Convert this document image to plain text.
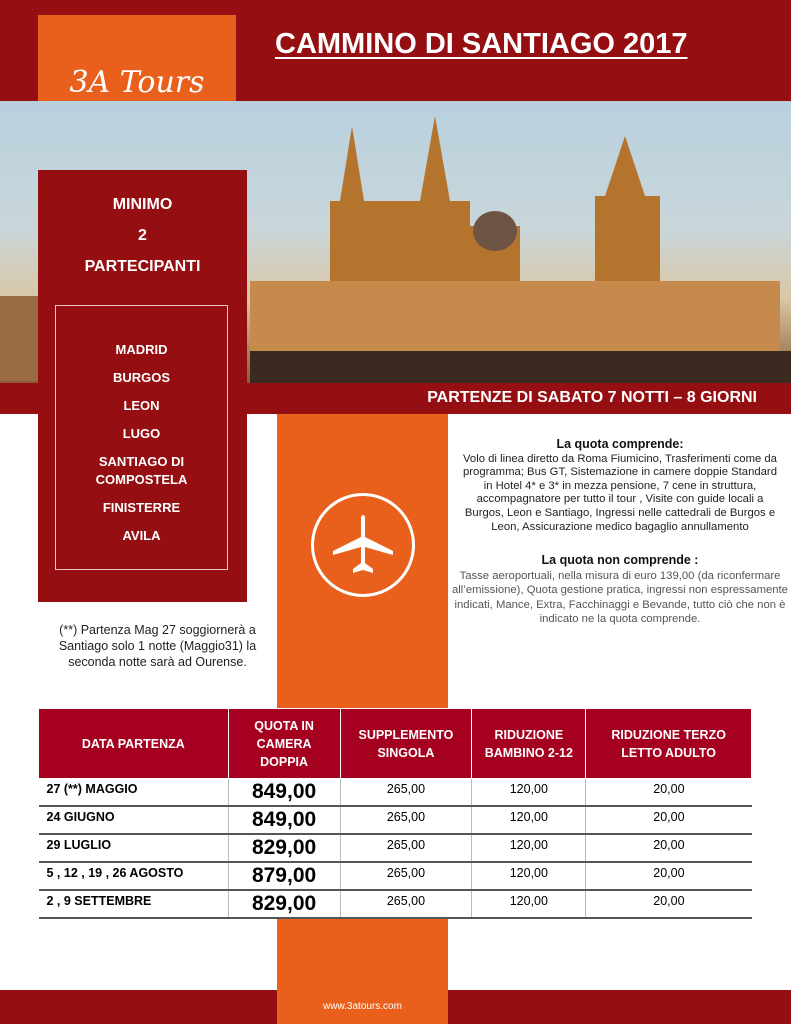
3A Tours
CAMMINO DI SANTIAGO 2017
PARTENZE DI SABATO 7 NOTTI – 8 GIORNI
MINIMO
2
PARTECIPANTI
MADRID
BURGOS
LEON
LUGO
SANTIAGO DI COMPOSTELA
FINISTERRE
AVILA
(**) Partenza Mag 27 soggiornerà a Santiago solo 1 notte (Maggio31) la seconda notte sarà ad Ourense.
La quota comprende:
Volo di linea diretto da Roma Fiumicino, Trasferimenti come da programma; Bus GT, Sistemazione in camere doppie Standard in Hotel 4* e 3* in mezza pensione, 7 cene in struttura, accompagnatore per tutto il tour , Visite con guide locali a Burgos, Leon e Santiago, Ingressi nelle cattedrali de Burgos e Leon, Assicurazione medico bagaglio annullamento
La quota non comprende :
Tasse aeroportuali, nella misura di euro 139,00 (da riconfermare all’emissione), Quota gestione pratica, ingressi non espressamente indicati, Mance, Extra, Facchinaggi e Bevande, tutto ciò che non è indicato ne la quota comprende.
DATA PARTENZA	QUOTA IN CAMERA DOPPIA	SUPPLEMENTO SINGOLA	RIDUZIONE BAMBINO 2-12	RIDUZIONE TERZO LETTO ADULTO
27 (**) MAGGIO	849,00	265,00	120,00	20,00
24 GIUGNO	849,00	265,00	120,00	20,00
29 LUGLIO	829,00	265,00	120,00	20,00
5 , 12 , 19 , 26 AGOSTO	879,00	265,00	120,00	20,00
2 , 9 SETTEMBRE	829,00	265,00	120,00	20,00
www.3atours.com
